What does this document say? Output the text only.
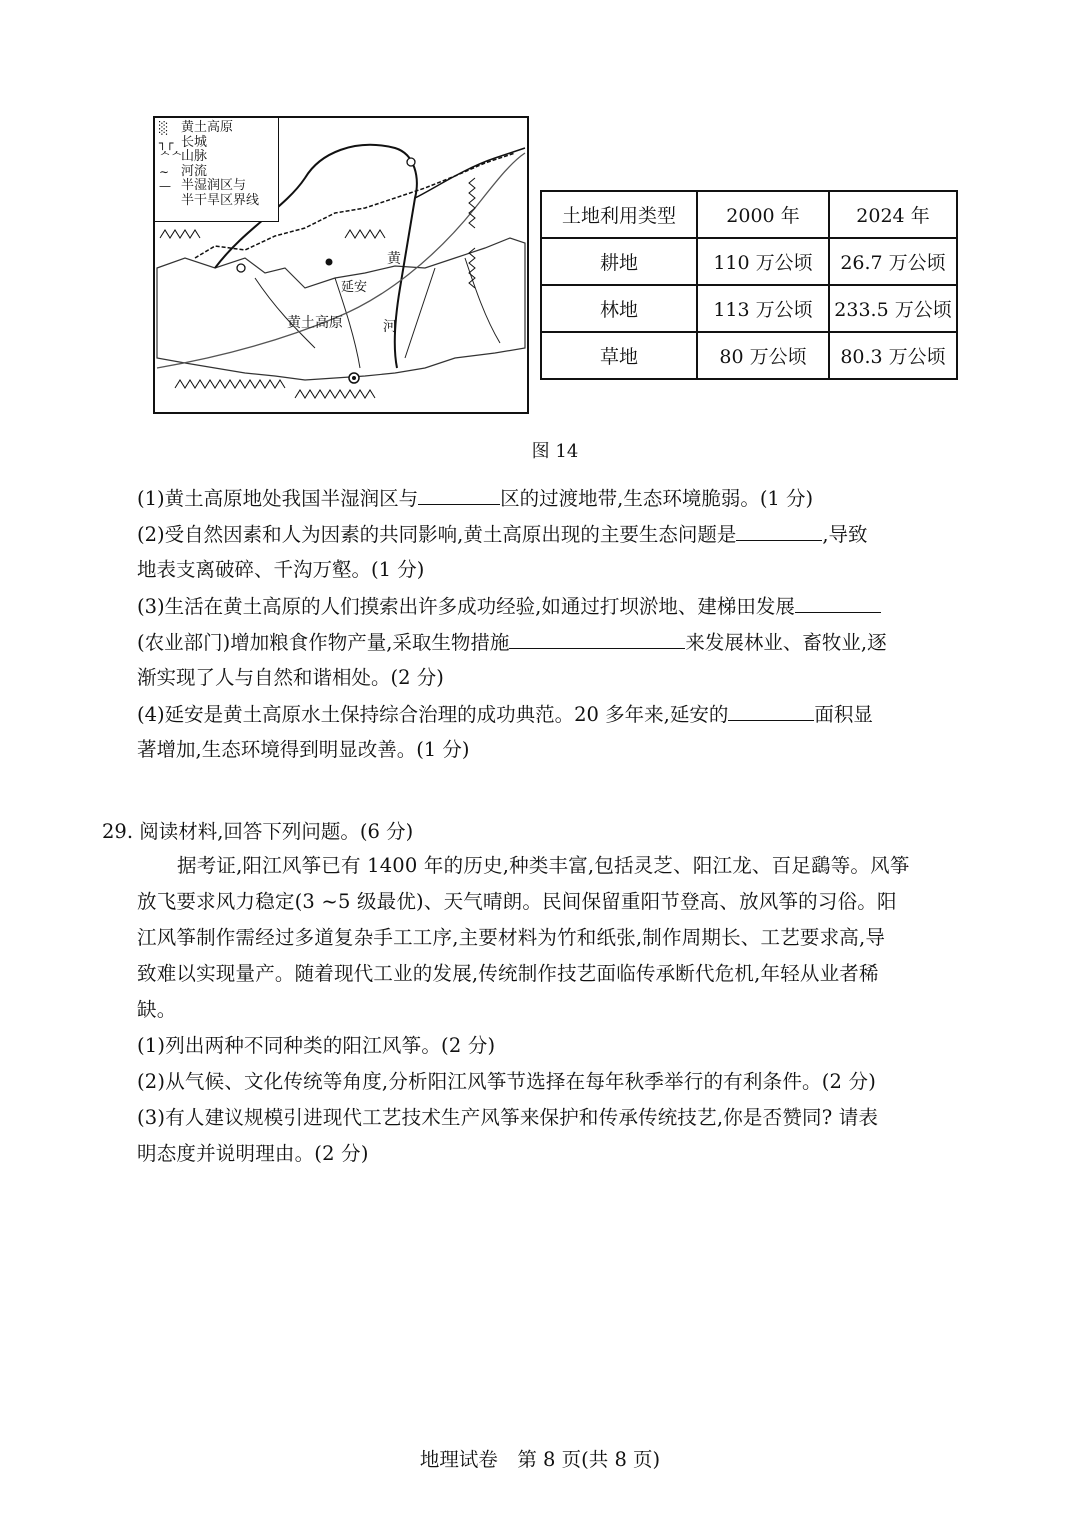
░ 黄土高原
┐┌ 长城
ᄉᄉ
山脉
∼ 河流
— 半湿润区与
半干旱区界线
延安
黄土高原
黄
河
土地利用类型	2000 年	2024 年
耕地	110 万公顷	26.7 万公顷
林地	113 万公顷	233.5 万公顷
草地	80 万公顷	80.3 万公顷
图 14
(1)黄土高原地处我国半湿润区与	区的过渡地带,生态环境脆弱。(1 分)
(2)受自然因素和人为因素的共同影响,黄土高原出现的主要生态问题是	,导致
地表支离破碎、千沟万壑。(1 分)
(3)生活在黄土高原的人们摸索出许多成功经验,如通过打坝淤地、建梯田发展
(农业部门)增加粮食作物产量,采取生物措施	来发展林业、畜牧业,逐
渐实现了人与自然和谐相处。(2 分)
(4)延安是黄土高原水土保持综合治理的成功典范。20 多年来,延安的	面积显
著增加,生态环境得到明显改善。(1 分)
29. 阅读材料,回答下列问题。(6 分)
据考证,阳江风筝已有 1400 年的历史,种类丰富,包括灵芝、阳江龙、百足鷂等。风筝
放飞要求风力稳定(3 ~5 级最优)、天气晴朗。民间保留重阳节登高、放风筝的习俗。阳
江风筝制作需经过多道复杂手工工序,主要材料为竹和纸张,制作周期长、工艺要求高,导
致难以实现量产。随着现代工业的发展,传统制作技艺面临传承断代危机,年轻从业者稀
缺。
(1)列出两种不同种类的阳江风筝。(2 分)
(2)从气候、文化传统等角度,分析阳江风筝节选择在每年秋季举行的有利条件。(2 分)
(3)有人建议规模引进现代工艺技术生产风筝来保护和传承传统技艺,你是否赞同? 请表
明态度并说明理由。(2 分)
地理试卷　第 8 页(共 8 页)
